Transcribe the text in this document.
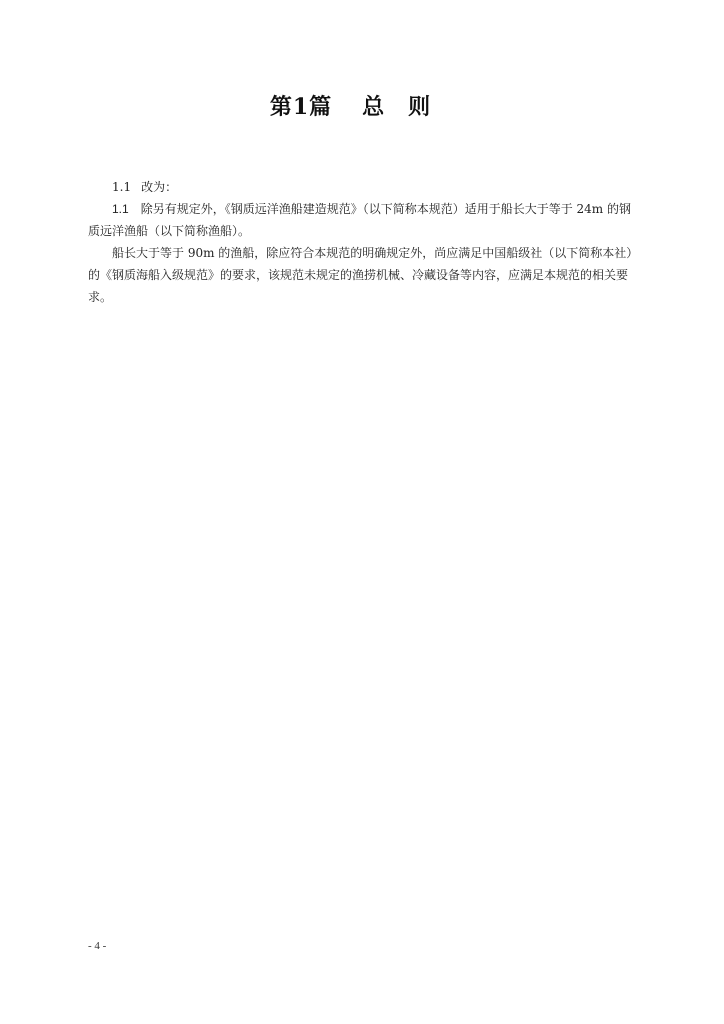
第1篇 总则

1.1 改为：

1.1 除另有规定外，《钢质远洋渔船建造规范》（以下简称本规范）适用于船长大于等于 24m 的钢质远洋渔船（以下简称渔船）。

船长大于等于 90m 的渔船，除应符合本规范的明确规定外，尚应满足中国船级社（以下简称本社）的《钢质海船入级规范》的要求，该规范未规定的渔捞机械、冷藏设备等内容，应满足本规范的相关要求。

- 4 -
